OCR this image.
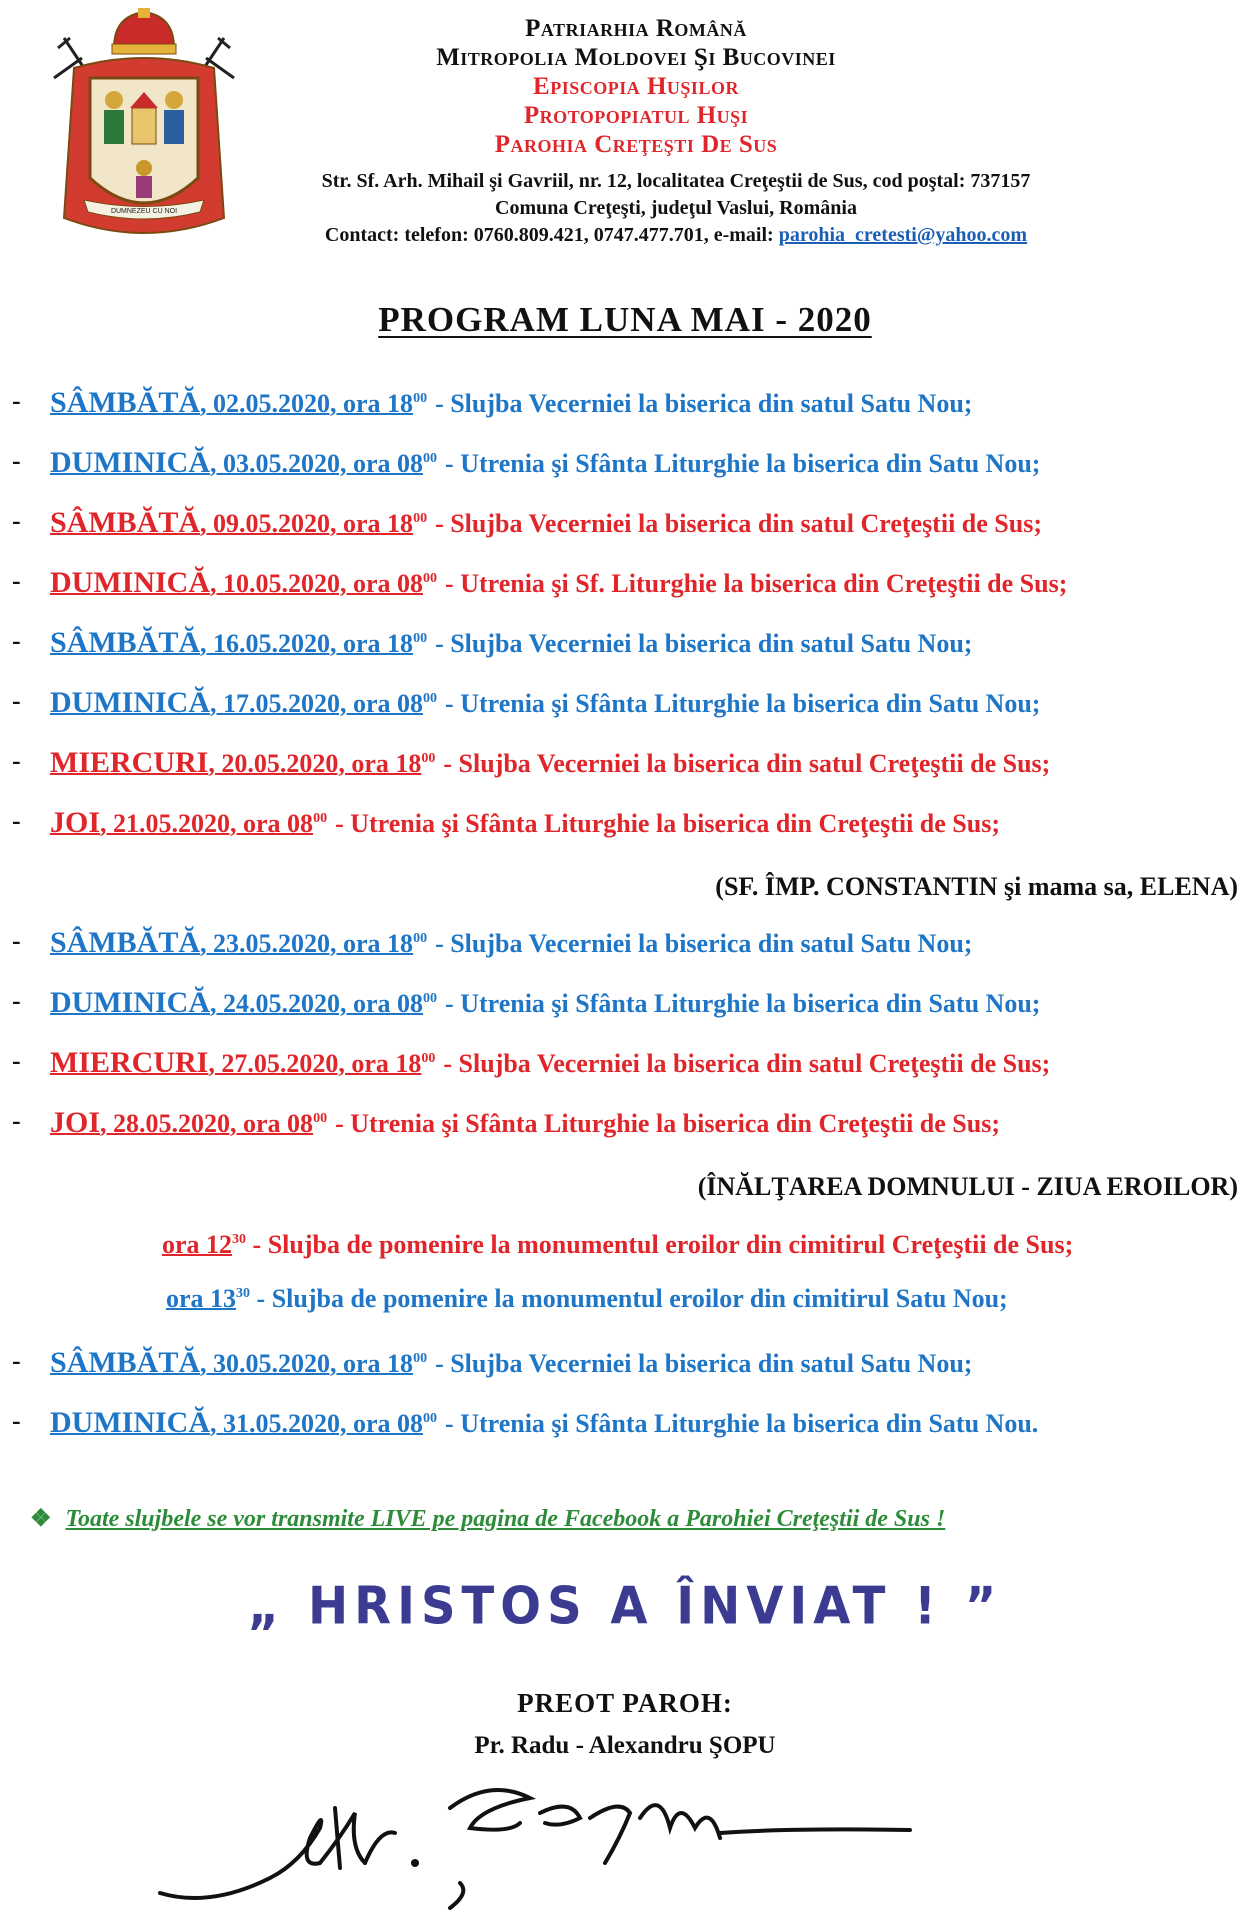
DUMNEZEU CU NOI
Patriarhia Română
Mitropolia Moldovei Şi Bucovinei
Episcopia Huşilor
Protopopiatul Huşi
Parohia Creţeşti De Sus
Str. Sf. Arh. Mihail şi Gavriil, nr. 12, localitatea Creţeştii de Sus, cod poştal: 737157
Comuna Creţeşti, judeţul Vaslui, România
Contact: telefon: 0760.809.421, 0747.477.701, e-mail: parohia_cretesti@yahoo.com
PROGRAM LUNA MAI - 2020
- SÂMBĂTĂ, 02.05.2020, ora $18^{00}$ - Slujba Vecerniei la biserica din satul Satu Nou;
- DUMINICĂ, 03.05.2020, ora $08^{00}$ - Utrenia şi Sfânta Liturghie la biserica din Satu Nou;
- SÂMBĂTĂ, 09.05.2020, ora $18^{00}$ - Slujba Vecerniei la biserica din satul Creţeştii de Sus;
- DUMINICĂ, 10.05.2020, ora $08^{00}$ - Utrenia şi Sf. Liturghie la biserica din Creţeştii de Sus;
- SÂMBĂTĂ, 16.05.2020, ora $18^{00}$ - Slujba Vecerniei la biserica din satul Satu Nou;
- DUMINICĂ, 17.05.2020, ora $08^{00}$ - Utrenia şi Sfânta Liturghie la biserica din Satu Nou;
- MIERCURI, 20.05.2020, ora $18^{00}$ - Slujba Vecerniei la biserica din satul Creţeştii de Sus;
- JOI, 21.05.2020, ora $08^{00}$ - Utrenia şi Sfânta Liturghie la biserica din Creţeştii de Sus;
- SÂMBĂTĂ, 23.05.2020, ora $18^{00}$ - Slujba Vecerniei la biserica din satul Satu Nou;
- DUMINICĂ, 24.05.2020, ora $08^{00}$ - Utrenia şi Sfânta Liturghie la biserica din Satu Nou;
- MIERCURI, 27.05.2020, ora $18^{00}$ - Slujba Vecerniei la biserica din satul Creţeştii de Sus;
- JOI, 28.05.2020, ora $08^{00}$ - Utrenia şi Sfânta Liturghie la biserica din Creţeştii de Sus;
- SÂMBĂTĂ, 30.05.2020, ora $18^{00}$ - Slujba Vecerniei la biserica din satul Satu Nou;
- DUMINICĂ, 31.05.2020, ora $08^{00}$ - Utrenia şi Sfânta Liturghie la biserica din Satu Nou.
(SF. ÎMP. CONSTANTIN şi mama sa, ELENA)
(ÎNĂLŢAREA DOMNULUI - ZIUA EROILOR)
ora $12^{30}$ - Slujba de pomenire la monumentul eroilor din cimitirul Creţeştii de Sus;
ora $13^{30}$ - Slujba de pomenire la monumentul eroilor din cimitirul Satu Nou;
❖ Toate slujbele se vor transmite LIVE pe pagina de Facebook a Parohiei Creţeştii de Sus !
„ HRISTOS A ÎNVIAT ! ”
PREOT PAROH:
Pr. Radu - Alexandru ŞOPU
